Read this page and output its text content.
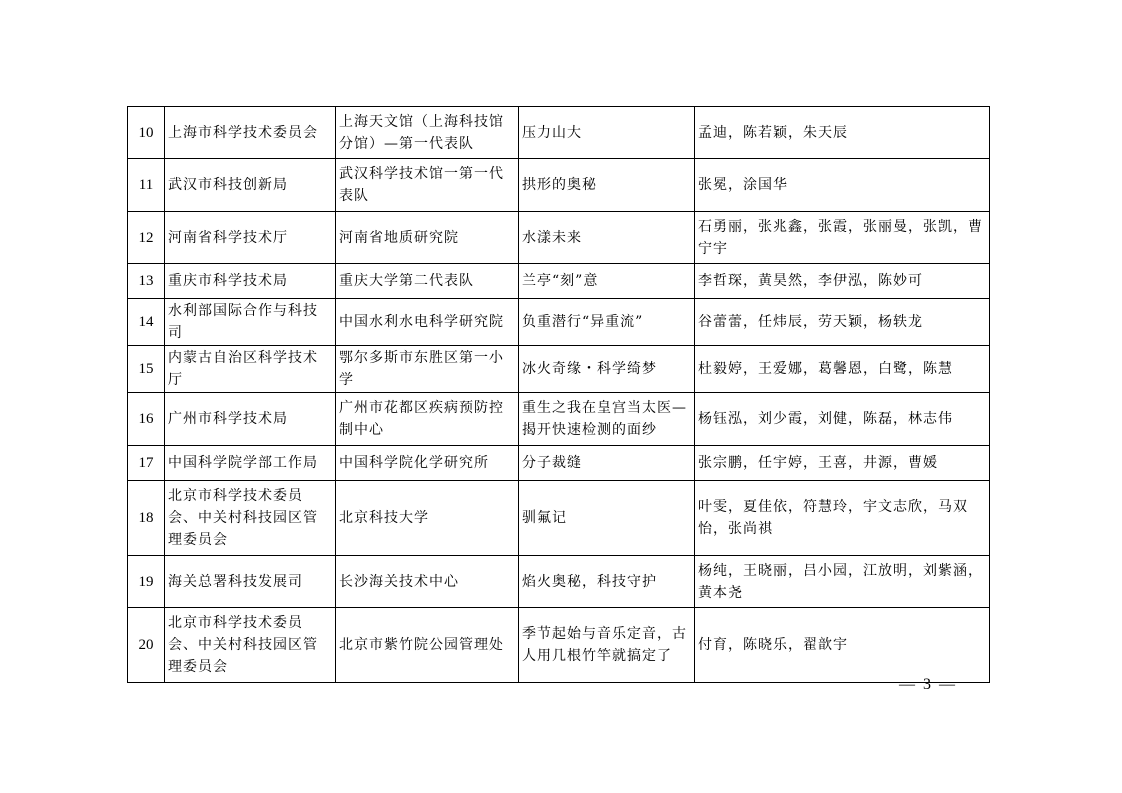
10	上海市科学技术委员会	上海天文馆（上海科技馆分馆）—第一代表队	压力山大	孟迪，陈若颖，朱天辰
11	武汉市科技创新局	武汉科学技术馆一第一代表队	拱形的奥秘	张冕，涂国华
12	河南省科学技术厅	河南省地质研究院	水漾未来	石勇丽，张兆鑫，张霞，张丽曼，张凯，曹宁宇
13	重庆市科学技术局	重庆大学第二代表队	兰亭“刻”意	李哲琛，黄昊然，李伊泓，陈妙可
14	水利部国际合作与科技司	中国水利水电科学研究院	负重潜行“异重流”	谷蕾蕾，任炜辰，劳天颖，杨轶龙
15	内蒙古自治区科学技术厅	鄂尔多斯市东胜区第一小学	冰火奇缘・科学绮梦	杜毅婷，王爱娜，葛馨恩，白鹭，陈慧
16	广州市科学技术局	广州市花都区疾病预防控制中心	重生之我在皇宫当太医—揭开快速检测的面纱	杨钰泓，刘少霞，刘健，陈磊，林志伟
17	中国科学院学部工作局	中国科学院化学研究所	分子裁缝	张宗鹏，任宇婷，王喜，井源，曹媛
18	北京市科学技术委员会、中关村科技园区管理委员会	北京科技大学	驯氟记	叶雯，夏佳依，符慧玲，宇文志欣，马双怡，张尚祺
19	海关总署科技发展司	长沙海关技术中心	焰火奥秘，科技守护	杨纯，王晓丽，吕小园，江放明，刘紫涵，黄本尧
20	北京市科学技术委员会、中关村科技园区管理委员会	北京市紫竹院公园管理处	季节起始与音乐定音，古人用几根竹竿就搞定了	付育，陈晓乐，翟歆宇
— 3 —
